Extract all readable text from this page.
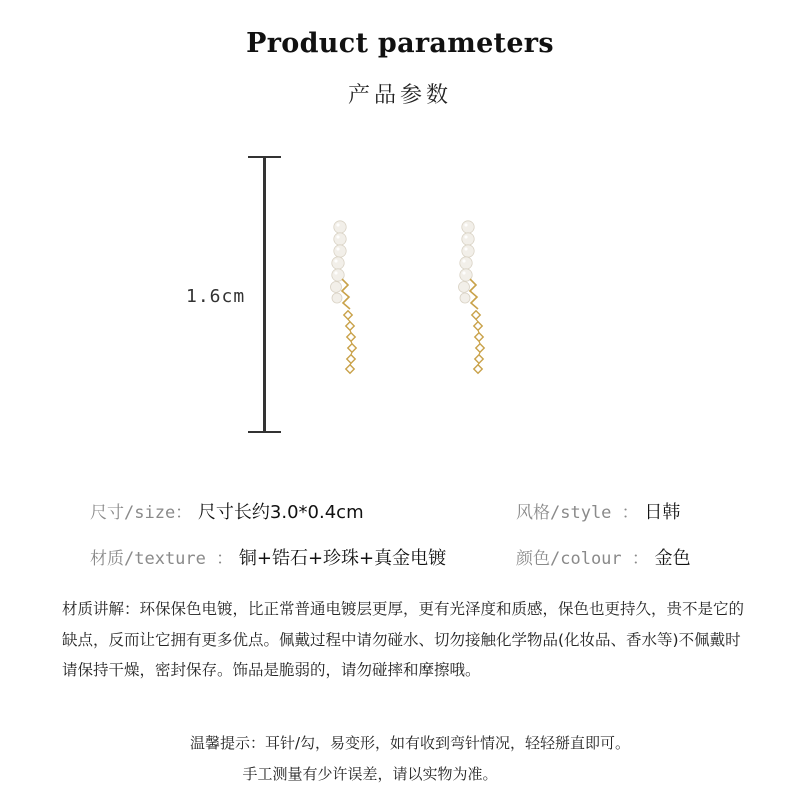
Product parameters
产品参数
1.6cm
尺寸/size： 尺寸长约3.0*0.4cm	风格/style ： 日韩
材质/texture ： 铜+锆石+珍珠+真金电镀	颜色/colour ： 金色
材质讲解：环保保色电镀，比正常普通电镀层更厚，更有光泽度和质感，保色也更持久，贵不是它的缺点，反而让它拥有更多优点。佩戴过程中请勿碰水、切勿接触化学物品(化妆品、香水等)不佩戴时请保持干燥，密封保存。饰品是脆弱的，请勿碰摔和摩擦哦。
温馨提示：耳针/勾，易变形，如有收到弯针情况，轻轻掰直即可。
手工测量有少许误差，请以实物为准。
